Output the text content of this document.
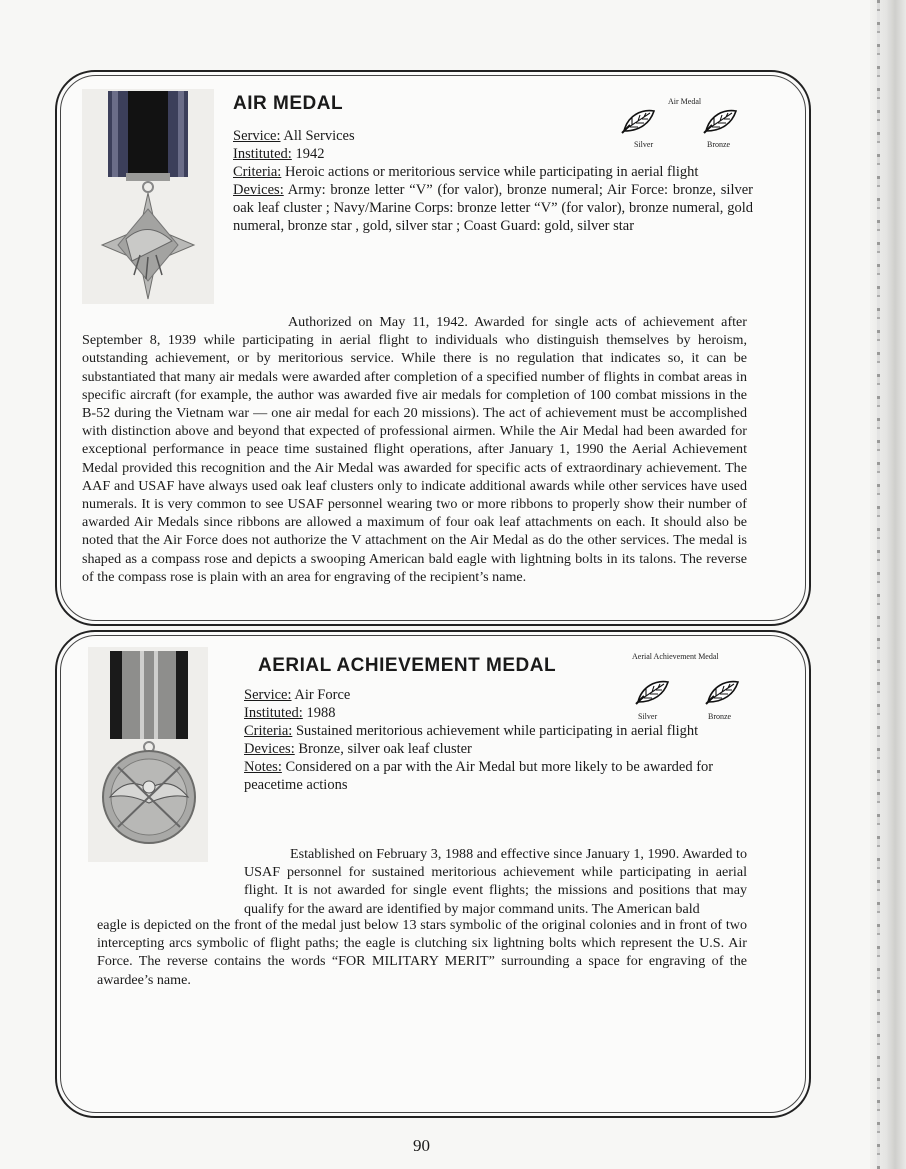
AIR MEDAL	Air Medal
Silver	Bronze
Service: All Services
Instituted: 1942
Criteria: Heroic actions or meritorious service while participating in aerial flight
Devices: Army: bronze letter “V” (for valor), bronze numeral; Air Force: bronze, silver oak leaf cluster ; Navy/Marine Corps: bronze letter “V” (for valor), bronze numeral, gold numeral, bronze star , gold, silver star ; Coast Guard: gold, silver star

Authorized on May 11, 1942. Awarded for single acts of achievement after September 8, 1939 while participating in aerial flight to individuals who distinguish themselves by heroism, outstanding achievement, or by meritorious service. While there is no regulation that indicates so, it can be substantiated that many air medals were awarded after completion of a specified number of flights in combat areas in specific aircraft (for example, the author was awarded five air medals for completion of 100 combat missions in the B-52 during the Vietnam war — one air medal for each 20 missions). The act of achievement must be accomplished with distinction above and beyond that expected of professional airmen. While the Air Medal had been awarded for exceptional performance in peace time sustained flight operations, after January 1, 1990 the Aerial Achievement Medal provided this recognition and the Air Medal was awarded for specific acts of extraordinary achievement. The AAF and USAF have always used oak leaf clusters only to indicate additional awards while other services have used numerals. It is very common to see USAF personnel wearing two or more ribbons to properly show their number of awarded Air Medals since ribbons are allowed a maximum of four oak leaf attachments on each. It should also be noted that the Air Force does not authorize the V attachment on the Air Medal as do the other services. The medal is shaped as a compass rose and depicts a swooping American bald eagle with lightning bolts in its talons. The reverse of the compass rose is plain with an area for engraving of the recipient’s name.

AERIAL ACHIEVEMENT MEDAL	Aerial Achievement Medal
Silver	Bronze
Service: Air Force
Instituted: 1988
Criteria: Sustained meritorious achievement while participating in aerial flight
Devices: Bronze, silver oak leaf cluster
Notes: Considered on a par with the Air Medal but more likely to be awarded for peacetime actions

Established on February 3, 1988 and effective since January 1, 1990. Awarded to USAF personnel for sustained meritorious achievement while participating in aerial flight. It is not awarded for single event flights; the missions and positions that may qualify for the award are identified by major command units. The American bald

eagle is depicted on the front of the medal just below 13 stars symbolic of the original colonies and in front of two intercepting arcs symbolic of flight paths; the eagle is clutching six lightning bolts which represent the U.S. Air Force. The reverse contains the words “FOR MILITARY MERIT” surrounding a space for engraving of the awardee’s name.

90
